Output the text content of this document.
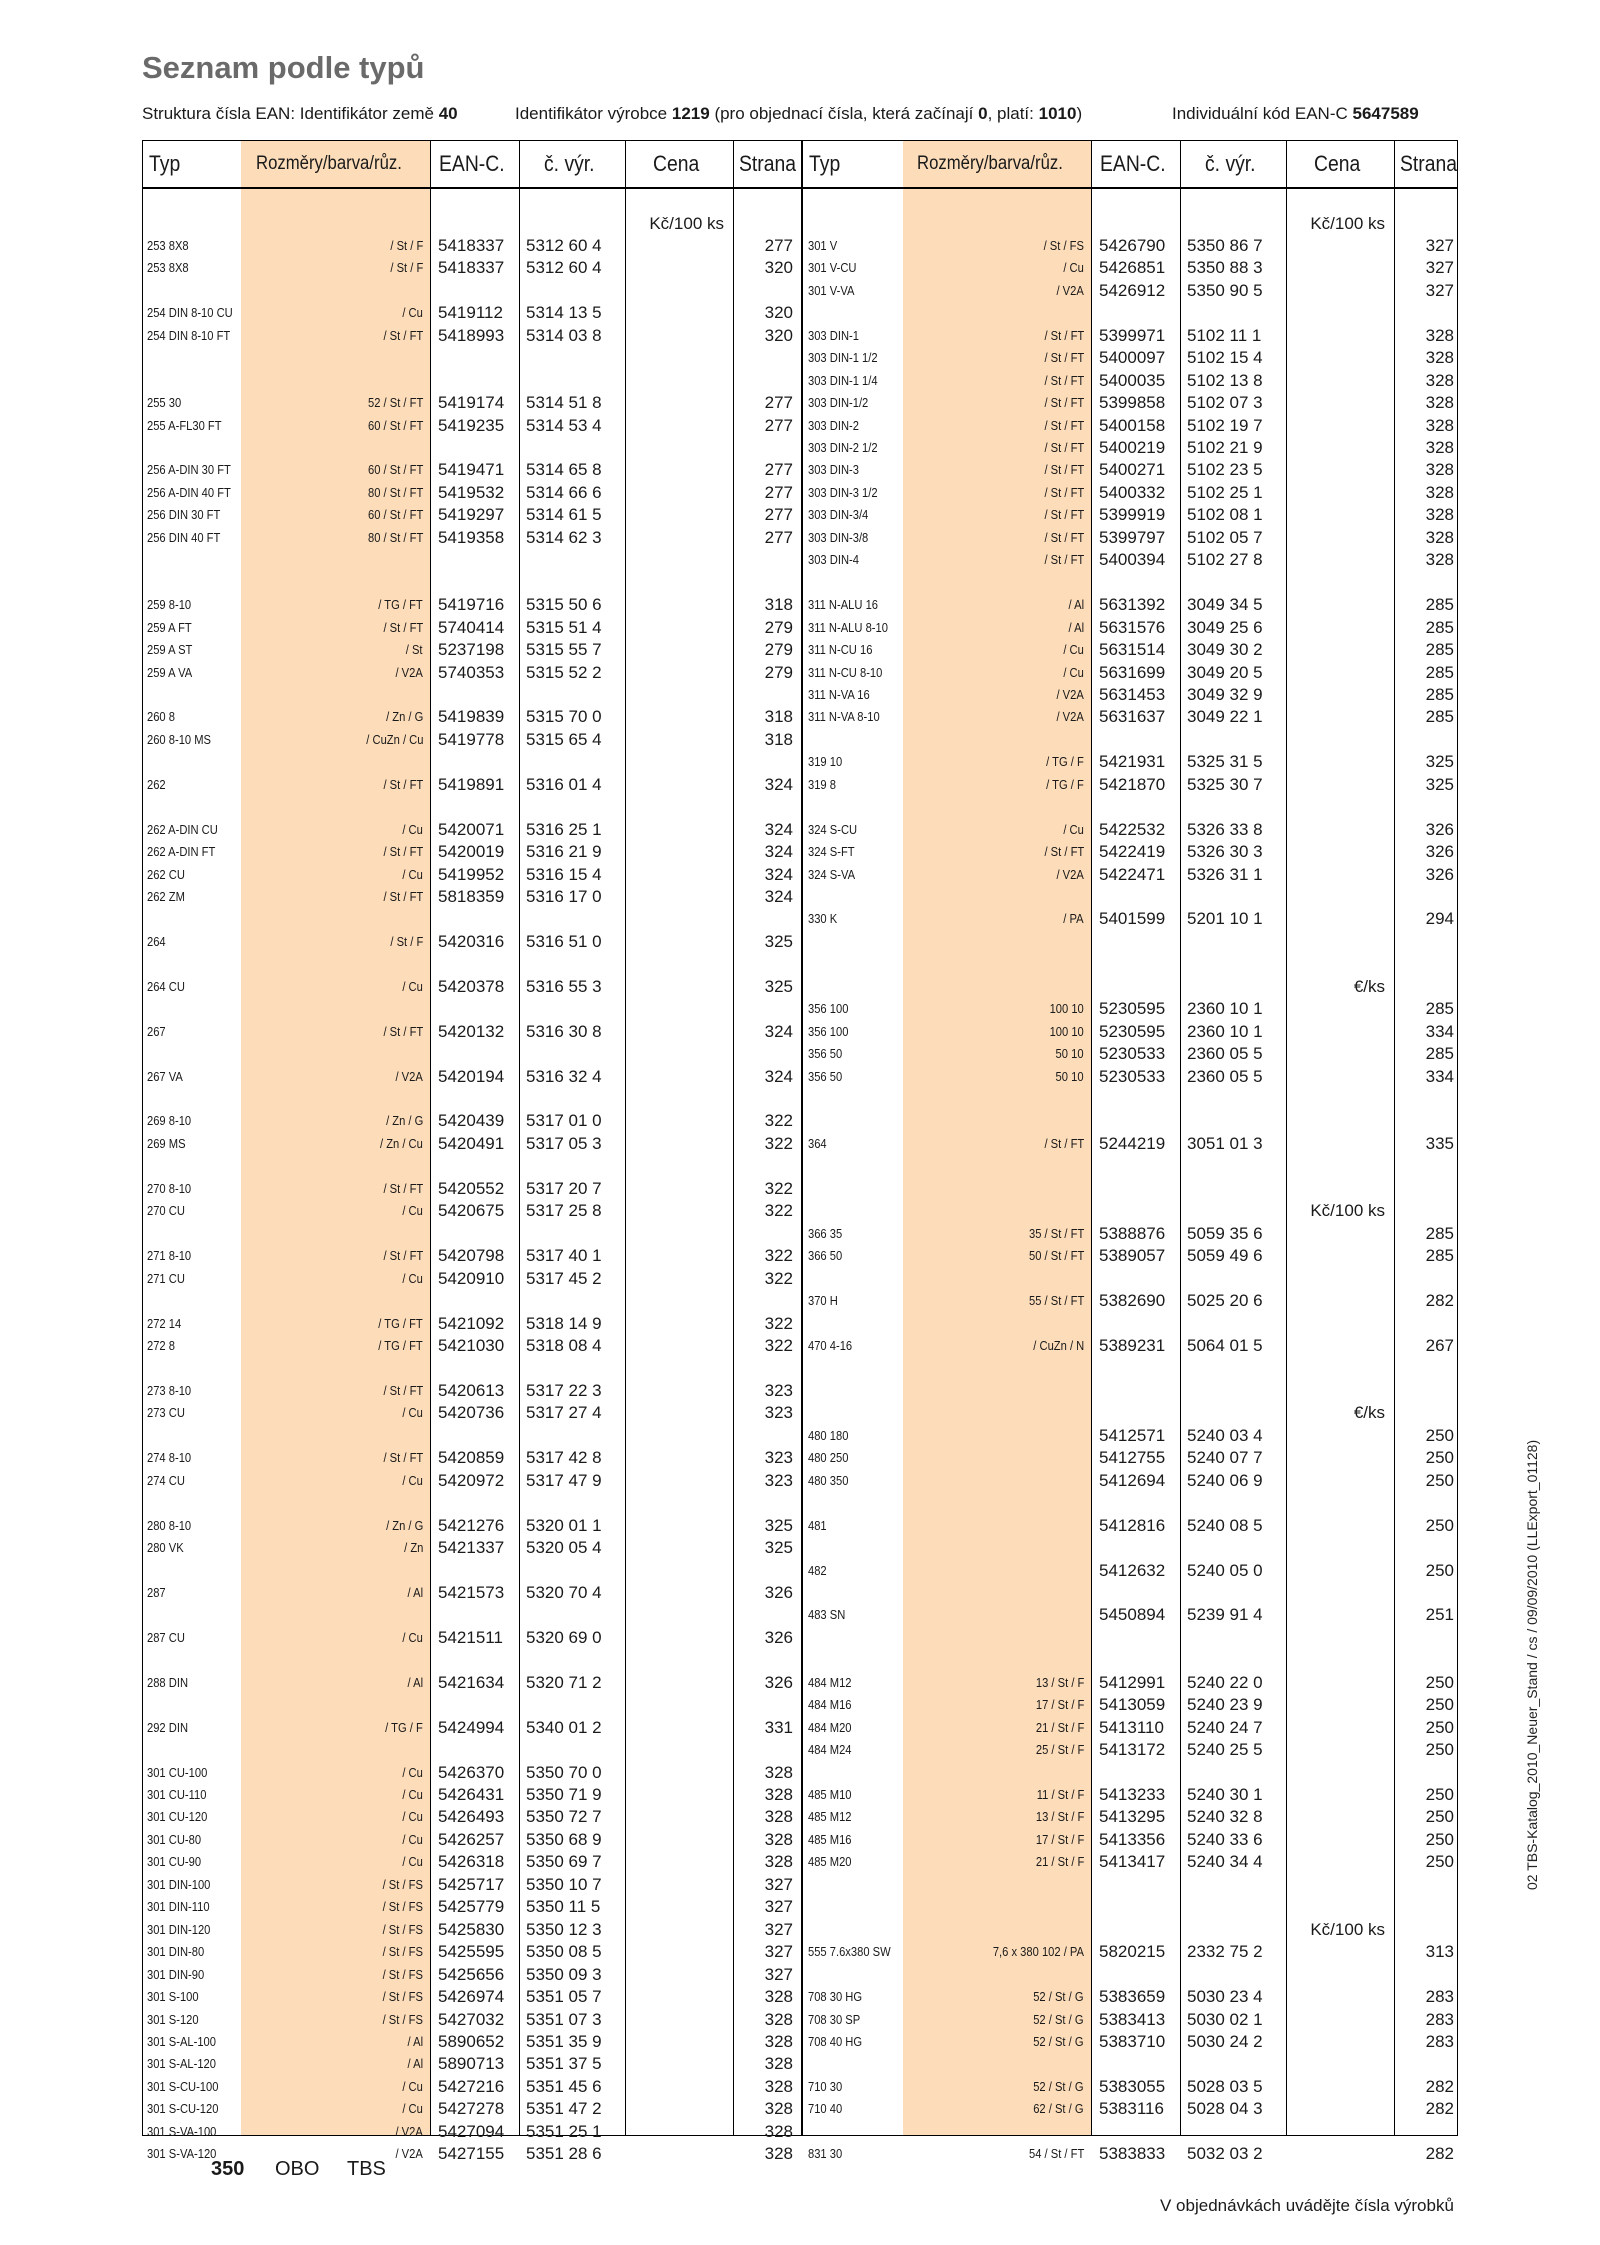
Seznam podle typů
Struktura čísla EAN: Identifikátor země 40	Identifikátor výrobce 1219 (pro objednací čísla, která začínají 0, platí: 1010)	Individuální kód EAN-C 5647589
Typ	Rozměry/barva/růz. EAN-C. č. výr.	Cena Strana Typ	Rozměry/barva/růz. EAN-C. č. výr.	Cena Strana
Kč/100 ks
253 8X8	/ St / F 5418337 5312 60 4	277
253 8X8	/ St / F 5418337 5312 60 4	320
254 DIN 8-10 CU	/ Cu 5419112 5314 13 5	320
254 DIN 8-10 FT	/ St / FT 5418993 5314 03 8	320
255 30	52 / St / FT 5419174 5314 51 8	277
255 A-FL30 FT	60 / St / FT 5419235 5314 53 4	277
256 A-DIN 30 FT	60 / St / FT 5419471 5314 65 8	277
256 A-DIN 40 FT	80 / St / FT 5419532 5314 66 6	277
256 DIN 30 FT	60 / St / FT 5419297 5314 61 5	277
256 DIN 40 FT	80 / St / FT 5419358 5314 62 3	277
259 8-10	/ TG / FT 5419716 5315 50 6	318
259 A FT	/ St / FT 5740414 5315 51 4	279
259 A ST	/ St 5237198 5315 55 7	279
259 A VA	/ V2A 5740353 5315 52 2	279
260 8	/ Zn / G 5419839 5315 70 0	318
260 8-10 MS	/ CuZn / Cu 5419778 5315 65 4	318
262	/ St / FT 5419891 5316 01 4	324
262 A-DIN CU	/ Cu 5420071 5316 25 1	324
262 A-DIN FT	/ St / FT 5420019 5316 21 9	324
262 CU	/ Cu 5419952 5316 15 4	324
262 ZM	/ St / FT 5818359 5316 17 0	324
264	/ St / F 5420316 5316 51 0	325
264 CU	/ Cu 5420378 5316 55 3	325
267	/ St / FT 5420132 5316 30 8	324
267 VA	/ V2A 5420194 5316 32 4	324
269 8-10	/ Zn / G 5420439 5317 01 0	322
269 MS	/ Zn / Cu 5420491 5317 05 3	322
270 8-10	/ St / FT 5420552 5317 20 7	322
270 CU	/ Cu 5420675 5317 25 8	322
271 8-10	/ St / FT 5420798 5317 40 1	322
271 CU	/ Cu 5420910 5317 45 2	322
272 14	/ TG / FT 5421092 5318 14 9	322
272 8	/ TG / FT 5421030 5318 08 4	322
273 8-10	/ St / FT 5420613 5317 22 3	323
273 CU	/ Cu 5420736 5317 27 4	323
274 8-10	/ St / FT 5420859 5317 42 8	323
274 CU	/ Cu 5420972 5317 47 9	323
280 8-10	/ Zn / G 5421276 5320 01 1	325
280 VK	/ Zn 5421337 5320 05 4	325
287	/ Al 5421573 5320 70 4	326
287 CU	/ Cu 5421511 5320 69 0	326
288 DIN	/ Al 5421634 5320 71 2	326
292 DIN	/ TG / F 5424994 5340 01 2	331
301 CU-100	/ Cu 5426370 5350 70 0	328
301 CU-110	/ Cu 5426431 5350 71 9	328
301 CU-120	/ Cu 5426493 5350 72 7	328
301 CU-80	/ Cu 5426257 5350 68 9	328
301 CU-90	/ Cu 5426318 5350 69 7	328
301 DIN-100	/ St / FS 5425717 5350 10 7	327
301 DIN-110	/ St / FS 5425779 5350 11 5	327
301 DIN-120	/ St / FS 5425830 5350 12 3	327
301 DIN-80	/ St / FS 5425595 5350 08 5	327
301 DIN-90	/ St / FS 5425656 5350 09 3	327
301 S-100	/ St / FS 5426974 5351 05 7	328
301 S-120	/ St / FS 5427032 5351 07 3	328
301 S-AL-100	/ Al 5890652 5351 35 9	328
301 S-AL-120	/ Al 5890713 5351 37 5	328
301 S-CU-100	/ Cu 5427216 5351 45 6	328
301 S-CU-120	/ Cu 5427278 5351 47 2	328
301 S-VA-100	/ V2A 5427094 5351 25 1	328
301 S-VA-120	/ V2A 5427155 5351 28 6	328
Kč/100 ks
301 V	/ St / FS 5426790 5350 86 7	327
301 V-CU	/ Cu 5426851 5350 88 3	327
301 V-VA	/ V2A 5426912 5350 90 5	327
303 DIN-1	/ St / FT 5399971 5102 11 1	328
303 DIN-1 1/2	/ St / FT 5400097 5102 15 4	328
303 DIN-1 1/4	/ St / FT 5400035 5102 13 8	328
303 DIN-1/2	/ St / FT 5399858 5102 07 3	328
303 DIN-2	/ St / FT 5400158 5102 19 7	328
303 DIN-2 1/2	/ St / FT 5400219 5102 21 9	328
303 DIN-3	/ St / FT 5400271 5102 23 5	328
303 DIN-3 1/2	/ St / FT 5400332 5102 25 1	328
303 DIN-3/4	/ St / FT 5399919 5102 08 1	328
303 DIN-3/8	/ St / FT 5399797 5102 05 7	328
303 DIN-4	/ St / FT 5400394 5102 27 8	328
311 N-ALU 16	/ Al 5631392 3049 34 5	285
311 N-ALU 8-10	/ Al 5631576 3049 25 6	285
311 N-CU 16	/ Cu 5631514 3049 30 2	285
311 N-CU 8-10	/ Cu 5631699 3049 20 5	285
311 N-VA 16	/ V2A 5631453 3049 32 9	285
311 N-VA 8-10	/ V2A 5631637 3049 22 1	285
319 10	/ TG / F 5421931 5325 31 5	325
319 8	/ TG / F 5421870 5325 30 7	325
324 S-CU	/ Cu 5422532 5326 33 8	326
324 S-FT	/ St / FT 5422419 5326 30 3	326
324 S-VA	/ V2A 5422471 5326 31 1	326
330 K	/ PA 5401599 5201 10 1	294
€/ks
356 100	100 10 5230595 2360 10 1	285
356 100	100 10 5230595 2360 10 1	334
356 50	50 10 5230533 2360 05 5	285
356 50	50 10 5230533 2360 05 5	334
364	/ St / FT 5244219 3051 01 3	335
Kč/100 ks
366 35	35 / St / FT 5388876 5059 35 6	285
366 50	50 / St / FT 5389057 5059 49 6	285
370 H	55 / St / FT 5382690 5025 20 6	282
470 4-16	/ CuZn / N 5389231 5064 01 5	267
€/ks
480 180	5412571 5240 03 4	250
480 250	5412755 5240 07 7	250
480 350	5412694 5240 06 9	250
481	5412816 5240 08 5	250
482	5412632 5240 05 0	250
483 SN	5450894 5239 91 4	251
484 M12	13 / St / F 5412991 5240 22 0	250
484 M16	17 / St / F 5413059 5240 23 9	250
484 M20	21 / St / F 5413110 5240 24 7	250
484 M24	25 / St / F 5413172 5240 25 5	250
485 M10	11 / St / F 5413233 5240 30 1	250
485 M12	13 / St / F 5413295 5240 32 8	250
485 M16	17 / St / F 5413356 5240 33 6	250
485 M20	21 / St / F 5413417 5240 34 4	250
Kč/100 ks
555 7.6x380 SW	7,6 x 380 102 / PA 5820215 2332 75 2	313
708 30 HG	52 / St / G 5383659 5030 23 4	283
708 30 SP	52 / St / G 5383413 5030 02 1	283
708 40 HG	52 / St / G 5383710 5030 24 2	283
710 30	52 / St / G 5383055 5028 03 5	282
710 40	62 / St / G 5383116 5028 04 3	282
831 30	54 / St / FT 5383833 5032 03 2	282
02 TBS-Katalog_2010_Neuer_Stand / cs / 09/09/2010 (LLExport_01128)
350 OBO TBS
V objednávkách uvádějte čísla výrobků
